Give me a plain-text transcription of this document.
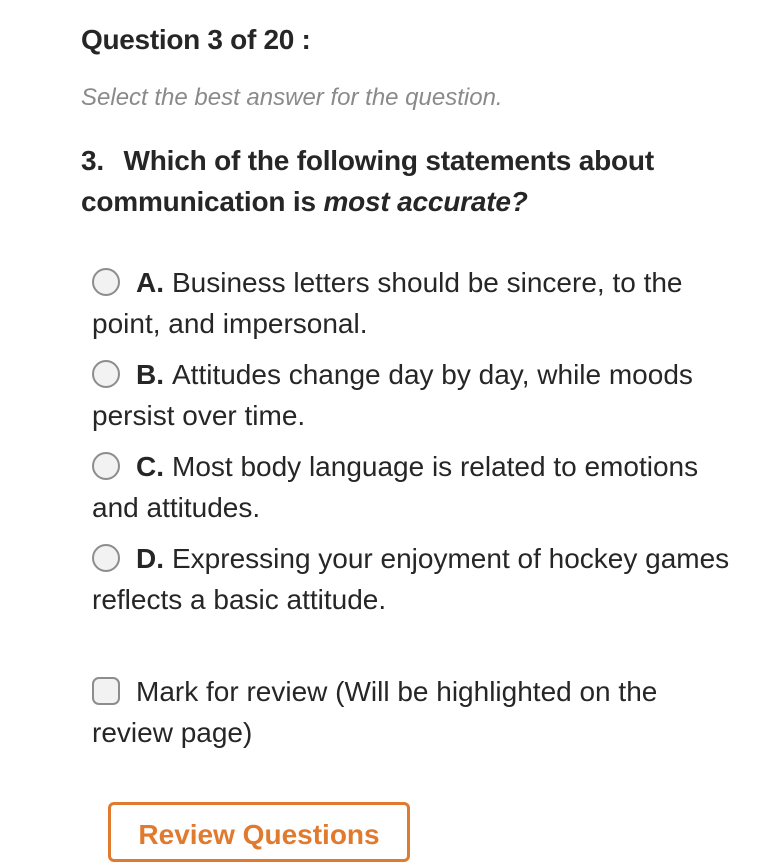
Question 3 of 20 :
Select the best answer for the question.
3. Which of the following statements about communication is most accurate?
A. Business letters should be sincere, to the point, and impersonal.
B. Attitudes change day by day, while moods persist over time.
C. Most body language is related to emotions and attitudes.
D. Expressing your enjoyment of hockey games reflects a basic attitude.
Mark for review (Will be highlighted on the review page)
Review Questions
